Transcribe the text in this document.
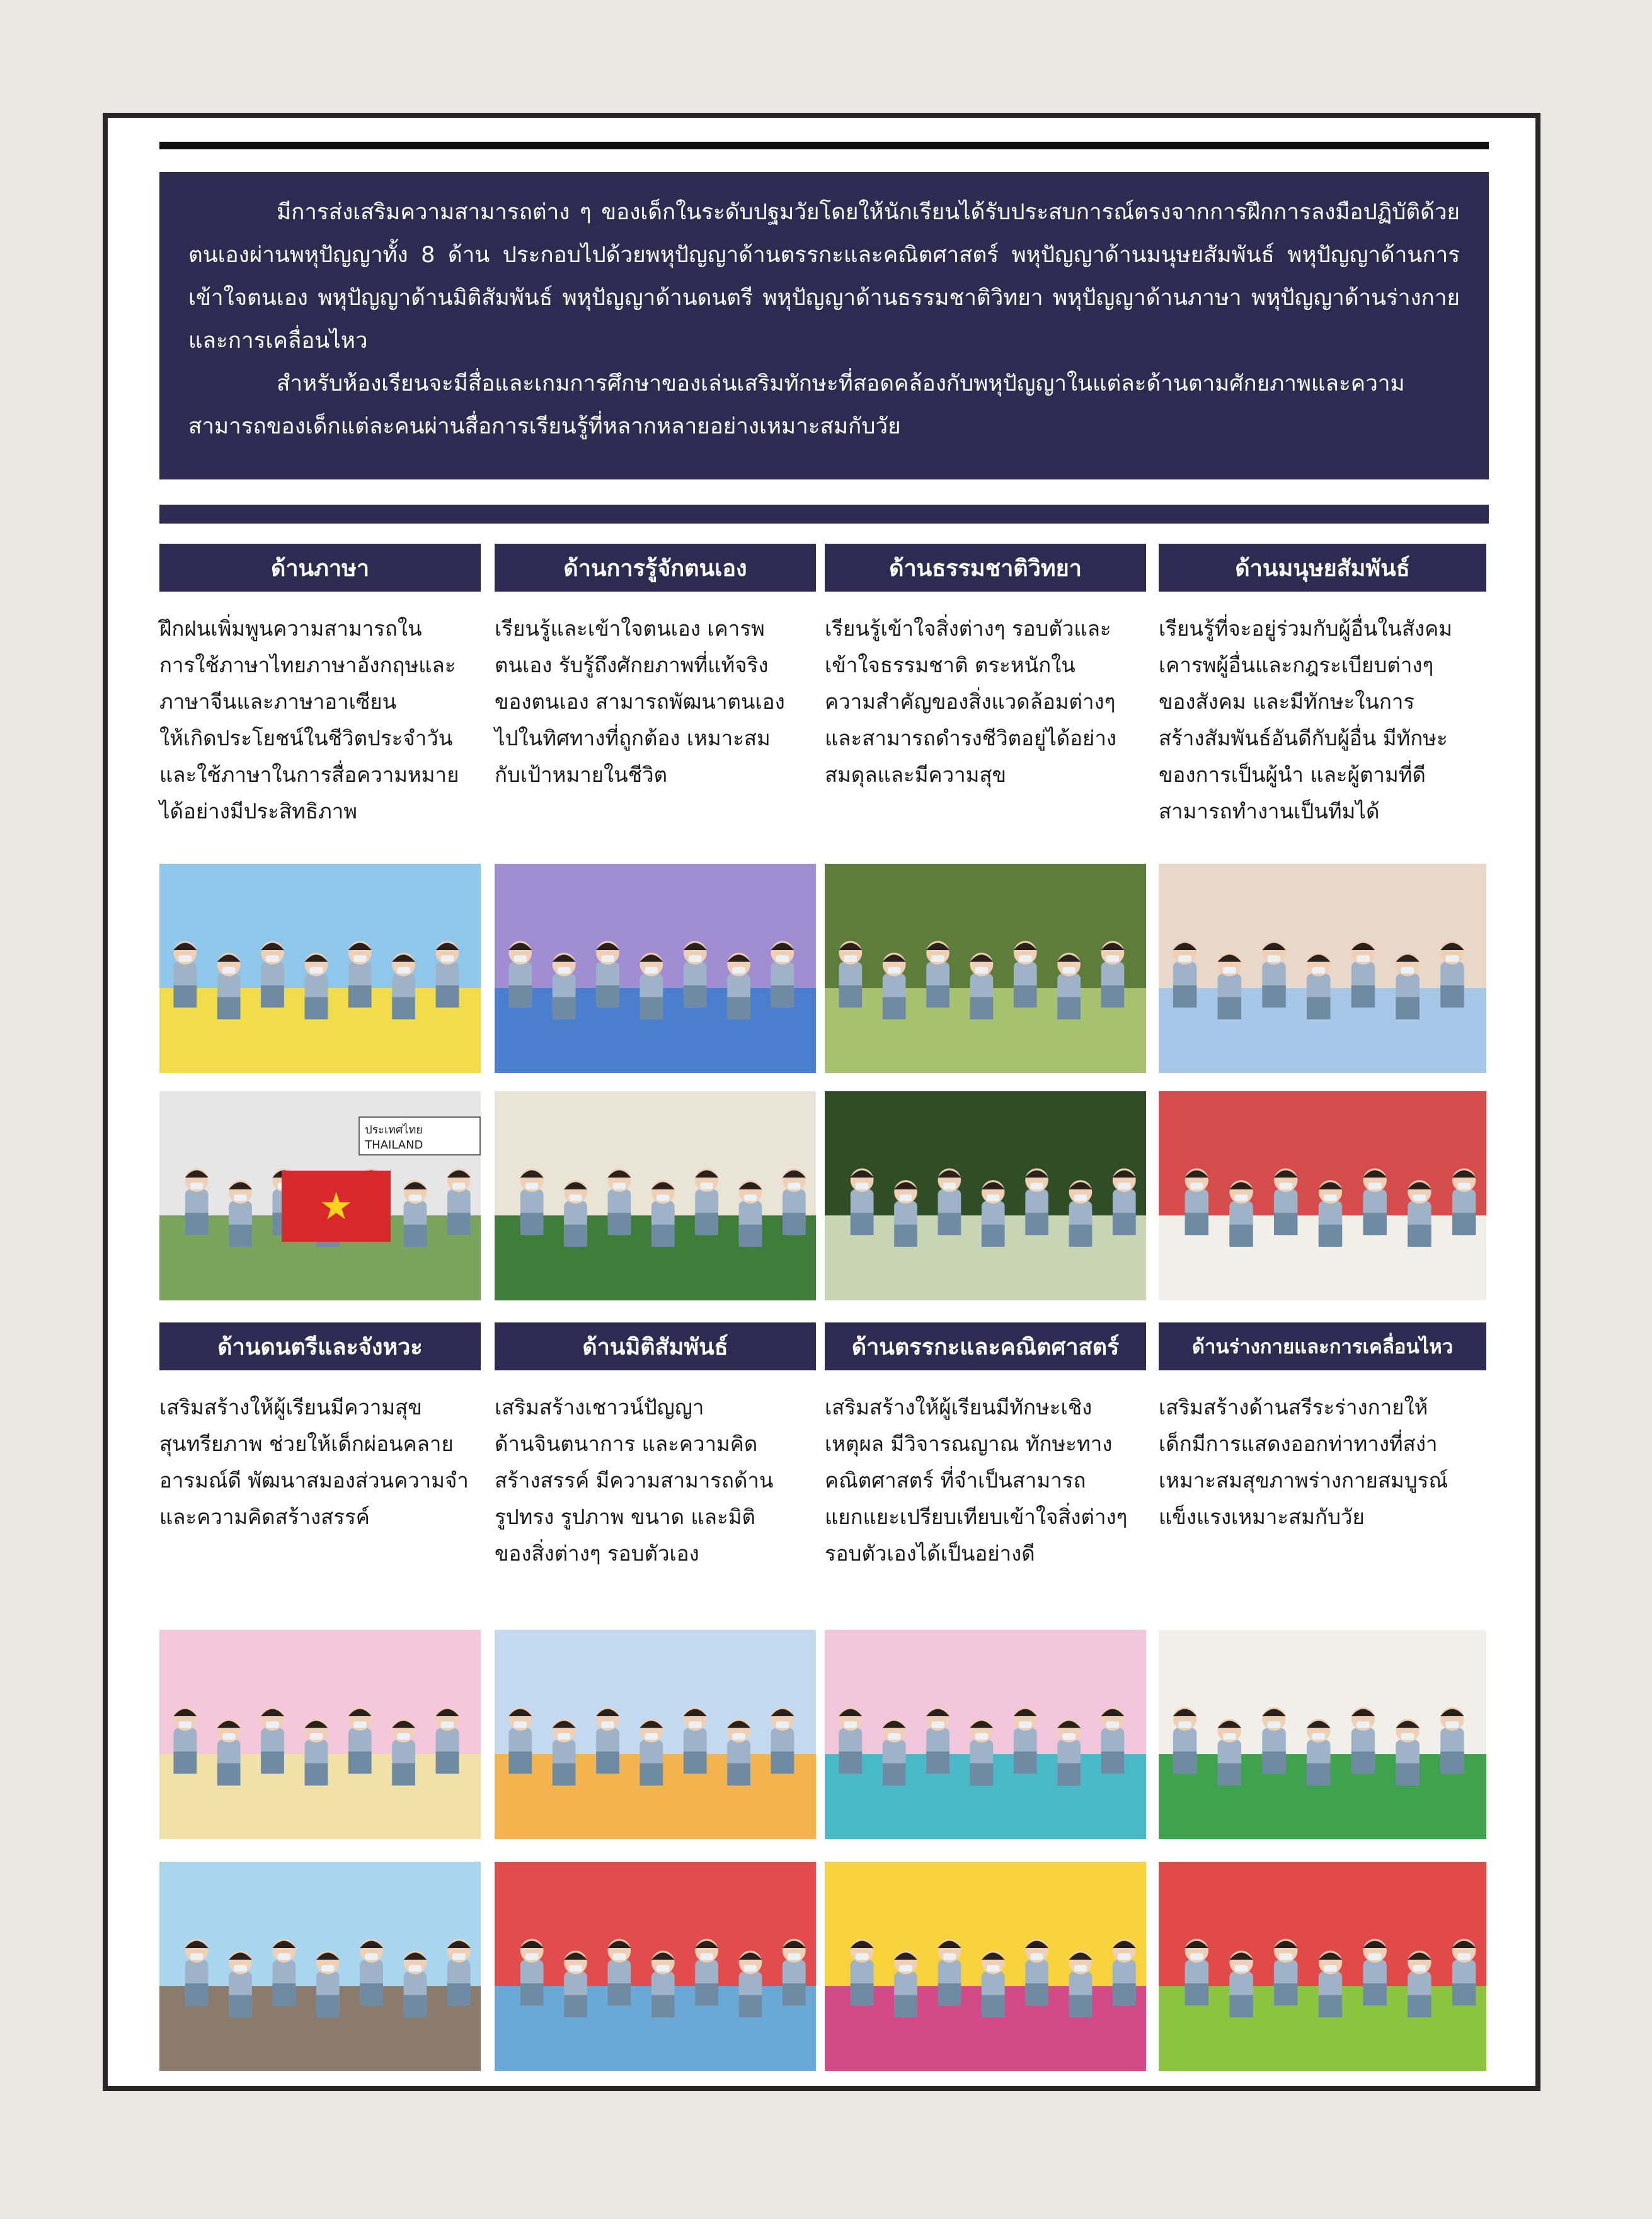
มีการส่งเสริมความสามารถต่าง ๆ ของเด็กในระดับปฐมวัยโดยให้นักเรียนได้รับประสบการณ์ตรงจากการฝึกการลงมือปฏิบัติด้วยตนเองผ่านพหุปัญญาทั้ง 8 ด้าน ประกอบไปด้วยพหุปัญญาด้านตรรกะและคณิตศาสตร์ พหุปัญญาด้านมนุษยสัมพันธ์ พหุปัญญาด้านการเข้าใจตนเอง พหุปัญญาด้านมิติสัมพันธ์ พหุปัญญาด้านดนตรี พหุปัญญาด้านธรรมชาติวิทยา พหุปัญญาด้านภาษา พหุปัญญาด้านร่างกายและการเคลื่อนไหว

สำหรับห้องเรียนจะมีสื่อและเกมการศึกษาของเล่นเสริมทักษะที่สอดคล้องกับพหุปัญญาในแต่ละด้านตามศักยภาพและความสามารถของเด็กแต่ละคนผ่านสื่อการเรียนรู้ที่หลากหลายอย่างเหมาะสมกับวัย

ด้านภาษา
ฝึกฝนเพิ่มพูนความสามารถใน
การใช้ภาษาไทยภาษาอังกฤษและ
ภาษาจีนและภาษาอาเซียน
ให้เกิดประโยชน์ในชีวิตประจำวัน
และใช้ภาษาในการสื่อความหมาย
ได้อย่างมีประสิทธิภาพ
ประเทศไทย THAILAND
★
ด้านการรู้จักตนเอง
เรียนรู้และเข้าใจตนเอง เคารพ
ตนเอง รับรู้ถึงศักยภาพที่แท้จริง
ของตนเอง สามารถพัฒนาตนเอง
ไปในทิศทางที่ถูกต้อง เหมาะสม
กับเป้าหมายในชีวิต
ด้านธรรมชาติวิทยา
เรียนรู้เข้าใจสิ่งต่างๆ รอบตัวและ
เข้าใจธรรมชาติ ตระหนักใน
ความสำคัญของสิ่งแวดล้อมต่างๆ
และสามารถดำรงชีวิตอยู่ได้อย่าง
สมดุลและมีความสุข
ด้านมนุษยสัมพันธ์
เรียนรู้ที่จะอยู่ร่วมกับผู้อื่นในสังคม
เคารพผู้อื่นและกฎระเบียบต่างๆ
ของสังคม และมีทักษะในการ
สร้างสัมพันธ์อันดีกับผู้อื่น มีทักษะ
ของการเป็นผู้นำ และผู้ตามที่ดี
สามารถทำงานเป็นทีมได้
ด้านดนตรีและจังหวะ
เสริมสร้างให้ผู้เรียนมีความสุข
สุนทรียภาพ ช่วยให้เด็กผ่อนคลาย
อารมณ์ดี พัฒนาสมองส่วนความจำ
และความคิดสร้างสรรค์
ด้านมิติสัมพันธ์
เสริมสร้างเชาวน์ปัญญา
ด้านจินตนาการ และความคิด
สร้างสรรค์ มีความสามารถด้าน
รูปทรง รูปภาพ ขนาด และมิติ
ของสิ่งต่างๆ รอบตัวเอง
ด้านตรรกะและคณิตศาสตร์
เสริมสร้างให้ผู้เรียนมีทักษะเชิง
เหตุผล มีวิจารณญาณ ทักษะทาง
คณิตศาสตร์ ที่จำเป็นสามารถ
แยกแยะเปรียบเทียบเข้าใจสิ่งต่างๆ
รอบตัวเองได้เป็นอย่างดี
ด้านร่างกายและการเคลื่อนไหว
เสริมสร้างด้านสรีระร่างกายให้
เด็กมีการแสดงออกท่าทางที่สง่า
เหมาะสมสุขภาพร่างกายสมบูรณ์
แข็งแรงเหมาะสมกับวัย
